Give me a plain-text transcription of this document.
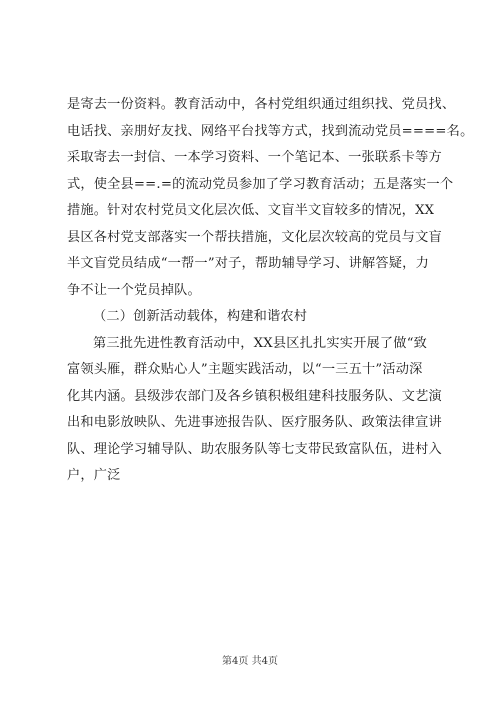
是寄去一份资料。教育活动中，各村党组织通过组织找、党员找、
电话找、亲朋好友找、网络平台找等方式，找到流动党员====名。
采取寄去一封信、一本学习资料、一个笔记本、一张联系卡等方
式，使全县==.=的流动党员参加了学习教育活动；五是落实一个
措施。针对农村党员文化层次低、文盲半文盲较多的情况，XX
县区各村党支部落实一个帮扶措施，文化层次较高的党员与文盲
半文盲党员结成“一帮一”对子，帮助辅导学习、讲解答疑，力
争不让一个党员掉队。
（二）创新活动载体，构建和谐农村
第三批先进性教育活动中，XX县区扎扎实实开展了做“致
富领头雁，群众贴心人”主题实践活动，以“一三五十”活动深
化其内涵。县级涉农部门及各乡镇积极组建科技服务队、文艺演
出和电影放映队、先进事迹报告队、医疗服务队、政策法律宣讲
队、理论学习辅导队、助农服务队等七支带民致富队伍，进村入
户，广泛
第4页 共4页
